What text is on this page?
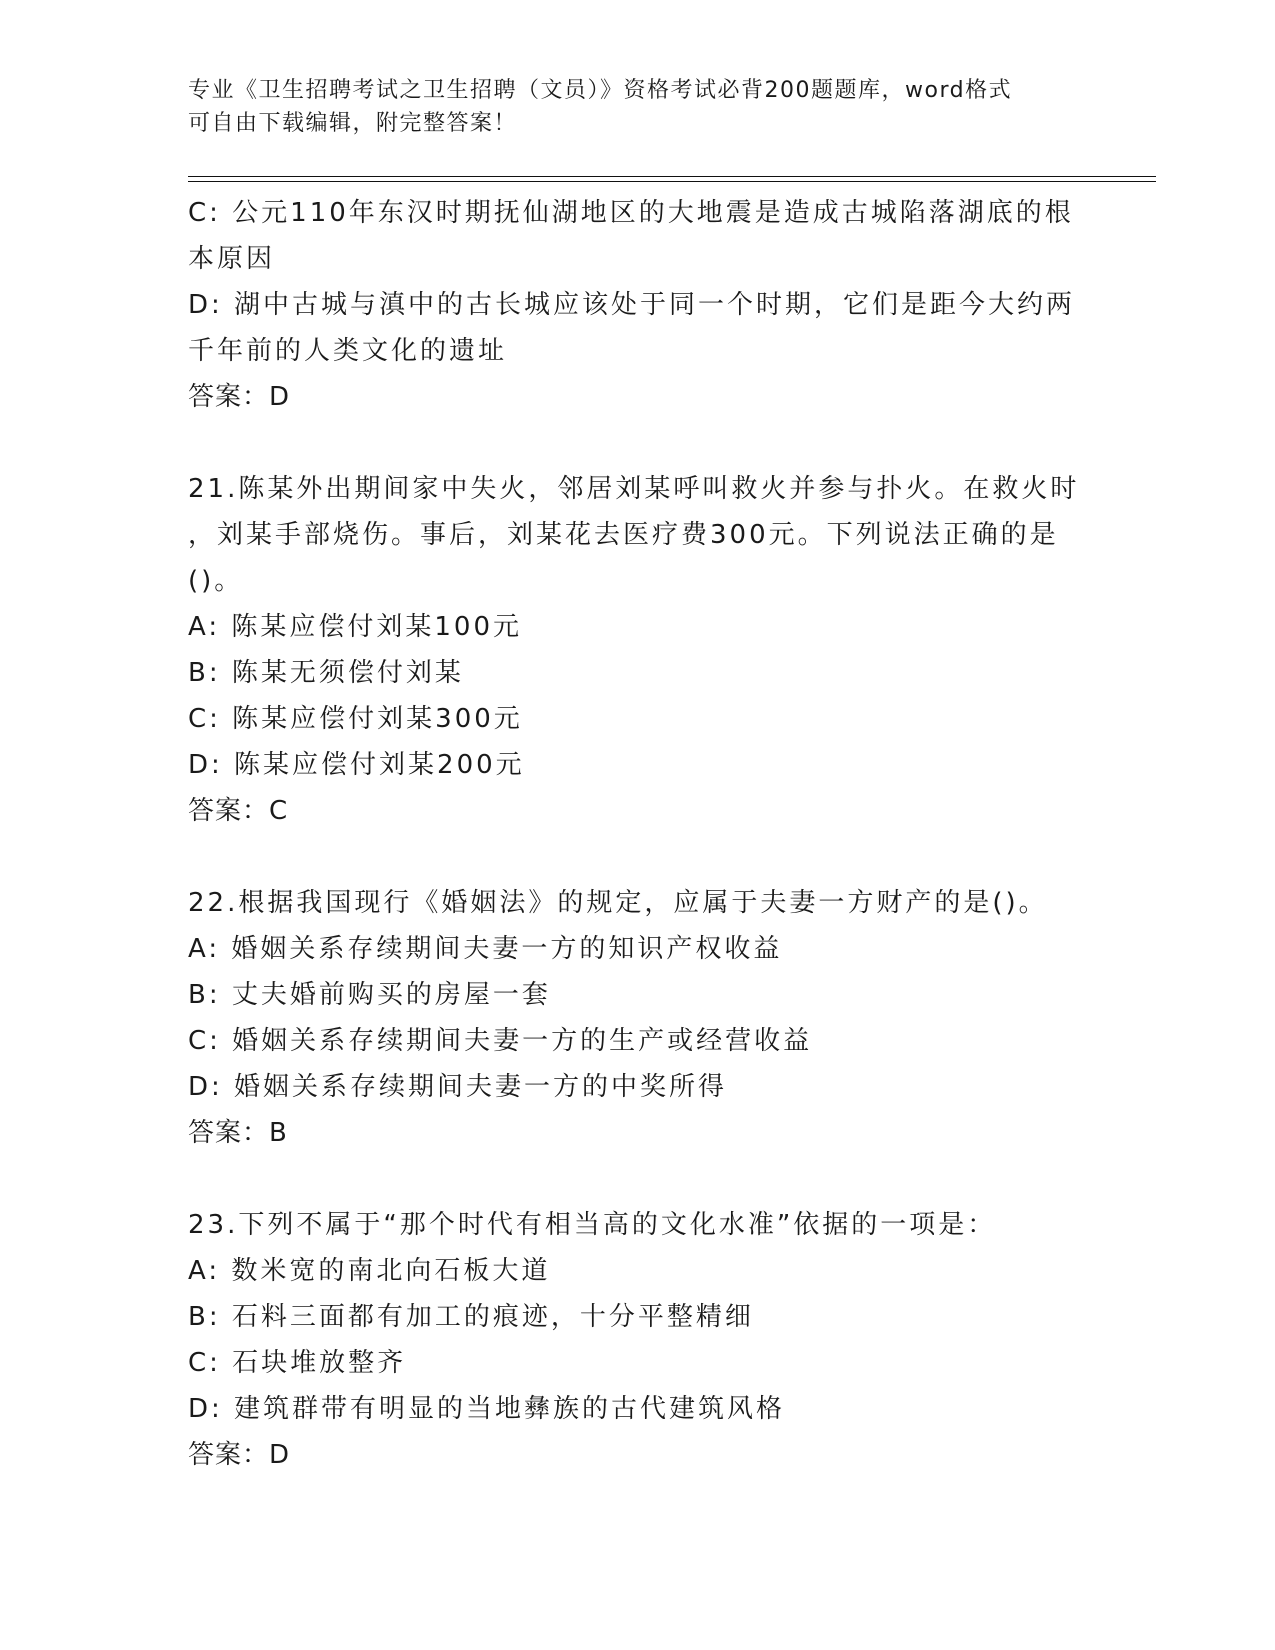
专业《卫生招聘考试之卫生招聘（文员）》资格考试必背200题题库，word格式
可自由下载编辑，附完整答案！
C: 公元110年东汉时期抚仙湖地区的大地震是造成古城陷落湖底的根
本原因
D: 湖中古城与滇中的古长城应该处于同一个时期，它们是距今大约两
千年前的人类文化的遗址
答案：D
21.陈某外出期间家中失火，邻居刘某呼叫救火并参与扑火。在救火时
，刘某手部烧伤。事后，刘某花去医疗费300元。下列说法正确的是
()。
A: 陈某应偿付刘某100元
B: 陈某无须偿付刘某
C: 陈某应偿付刘某300元
D: 陈某应偿付刘某200元
答案：C
22.根据我国现行《婚姻法》的规定，应属于夫妻一方财产的是()。
A: 婚姻关系存续期间夫妻一方的知识产权收益
B: 丈夫婚前购买的房屋一套
C: 婚姻关系存续期间夫妻一方的生产或经营收益
D: 婚姻关系存续期间夫妻一方的中奖所得
答案：B
23.下列不属于“那个时代有相当高的文化水准”依据的一项是：
A: 数米宽的南北向石板大道
B: 石料三面都有加工的痕迹，十分平整精细
C: 石块堆放整齐
D: 建筑群带有明显的当地彝族的古代建筑风格
答案：D
